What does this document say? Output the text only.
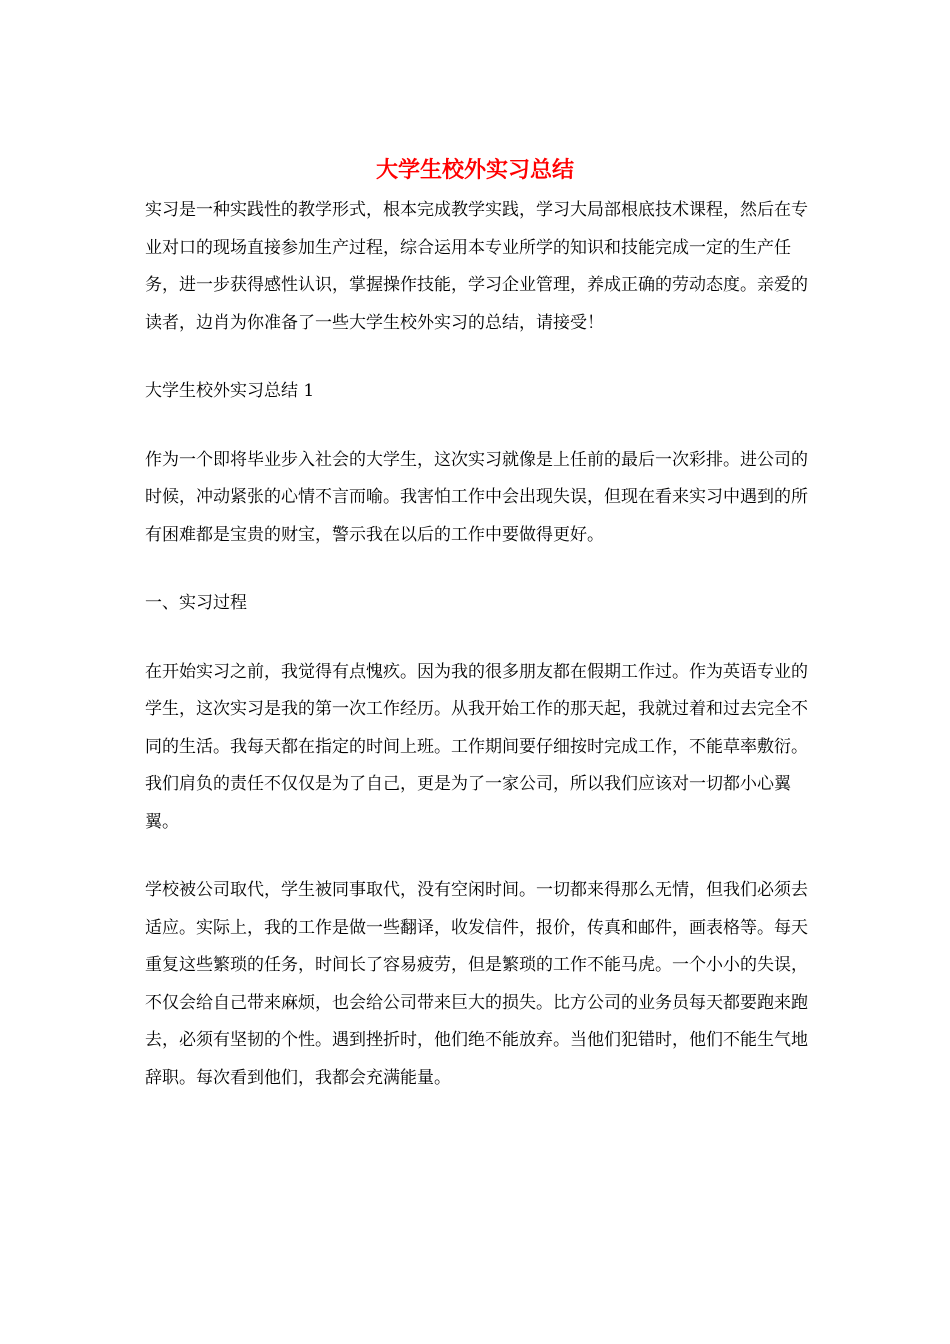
大学生校外实习总结

实习是一种实践性的教学形式，根本完成教学实践，学习大局部根底技术课程，然后在专业对口的现场直接参加生产过程，综合运用本专业所学的知识和技能完成一定的生产任务，进一步获得感性认识，掌握操作技能，学习企业管理，养成正确的劳动态度。亲爱的读者，边肖为你准备了一些大学生校外实习的总结，请接受！

大学生校外实习总结 1

作为一个即将毕业步入社会的大学生，这次实习就像是上任前的最后一次彩排。进公司的时候，冲动紧张的心情不言而喻。我害怕工作中会出现失误，但现在看来实习中遇到的所有困难都是宝贵的财宝，警示我在以后的工作中要做得更好。

一、实习过程

在开始实习之前，我觉得有点愧疚。因为我的很多朋友都在假期工作过。作为英语专业的学生，这次实习是我的第一次工作经历。从我开始工作的那天起，我就过着和过去完全不同的生活。我每天都在指定的时间上班。工作期间要仔细按时完成工作，不能草率敷衍。我们肩负的责任不仅仅是为了自己，更是为了一家公司，所以我们应该对一切都小心翼翼。

学校被公司取代，学生被同事取代，没有空闲时间。一切都来得那么无情，但我们必须去适应。实际上，我的工作是做一些翻译，收发信件，报价，传真和邮件，画表格等。每天重复这些繁琐的任务，时间长了容易疲劳，但是繁琐的工作不能马虎。一个小小的失误，不仅会给自己带来麻烦，也会给公司带来巨大的损失。比方公司的业务员每天都要跑来跑去，必须有坚韧的个性。遇到挫折时，他们绝不能放弃。当他们犯错时，他们不能生气地辞职。每次看到他们，我都会充满能量。
